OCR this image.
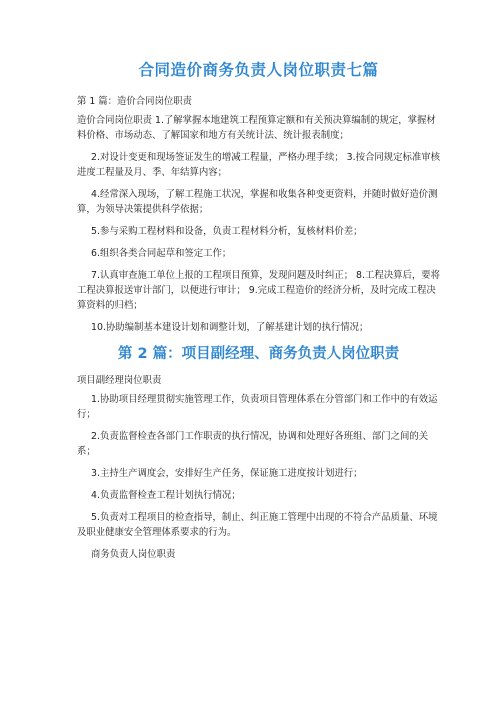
合同造价商务负责人岗位职责七篇
第 1 篇：造价合同岗位职责
造价合同岗位职责 1.了解掌握本地建筑工程预算定额和有关预决算编制的规定，掌握材料价格、市场动态、了解国家和地方有关统计法、统计报表制度；
2.对设计变更和现场签证发生的增减工程量，严格办理手续； 3.按合同规定标准审核进度工程量及月、季、年结算内容；
4.经常深入现场，了解工程施工状况，掌握和收集各种变更资料，并随时做好造价测算，为领导决策提供科学依据；
5.参与采购工程材料和设备，负责工程材料分析，复核材料价差；
6.组织各类合同起草和签定工作；
7.认真审查施工单位上报的工程项目预算，发现问题及时纠正； 8.工程决算后，要将工程决算报送审计部门，以便进行审计； 9.完成工程造价的经济分析，及时完成工程决算资料的归档；
10.协助编制基本建设计划和调整计划，了解基建计划的执行情况；
第 2 篇：项目副经理、商务负责人岗位职责
项目副经理岗位职责
1.协助项目经理贯彻实施管理工作，负责项目管理体系在分管部门和工作中的有效运行；
2.负责监督检查各部门工作职责的执行情况，协调和处理好各班组、部门之间的关系；
3.主持生产调度会，安排好生产任务，保证施工进度按计划进行；
4.负责监督检查工程计划执行情况；
5.负责对工程项目的检查指导，制止、纠正施工管理中出现的不符合产品质量、环境及职业健康安全管理体系要求的行为。
商务负责人岗位职责
